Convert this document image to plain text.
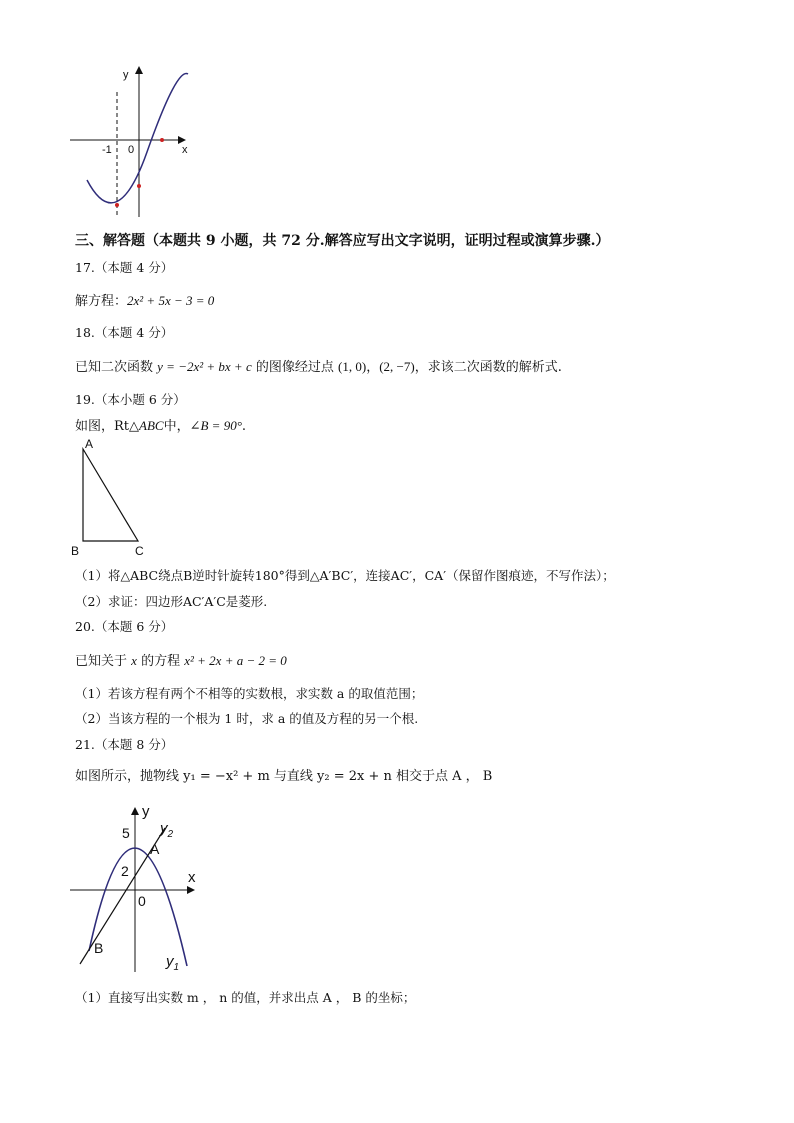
y
x
-1 0
三、解答题（本题共 9 小题，共 72 分.解答应写出文字说明，证明过程或演算步骤.）
17.（本题 4 分）
解方程：2x² + 5x − 3 = 0
18.（本题 4 分）
已知二次函数 y = −2x² + bx + c 的图像经过点 (1, 0)，(2, −7)，求该二次函数的解析式.
19.（本小题 6 分）
如图，Rt△ABC中，∠B = 90°.
A
B	C
（1）将△ABC绕点B逆时针旋转180°得到△A′BC′，连接AC′，CA′（保留作图痕迹，不写作法）；
（2）求证：四边形AC′A′C是菱形.
20.（本题 6 分）
已知关于 x 的方程 x² + 2x + a − 2 = 0
（1）若该方程有两个不相等的实数根，求实数 a 的取值范围；
（2）当该方程的一个根为 1 时，求 a 的值及方程的另一个根.
21.（本题 8 分）
如图所示，抛物线 y₁ = −x² + m 与直线 y₂ = 2x + n 相交于点 A ， B
y
x
5
2
0
A
B
$y_2$
$y_1$
（1）直接写出实数 m ， n 的值，并求出点 A ， B 的坐标；
